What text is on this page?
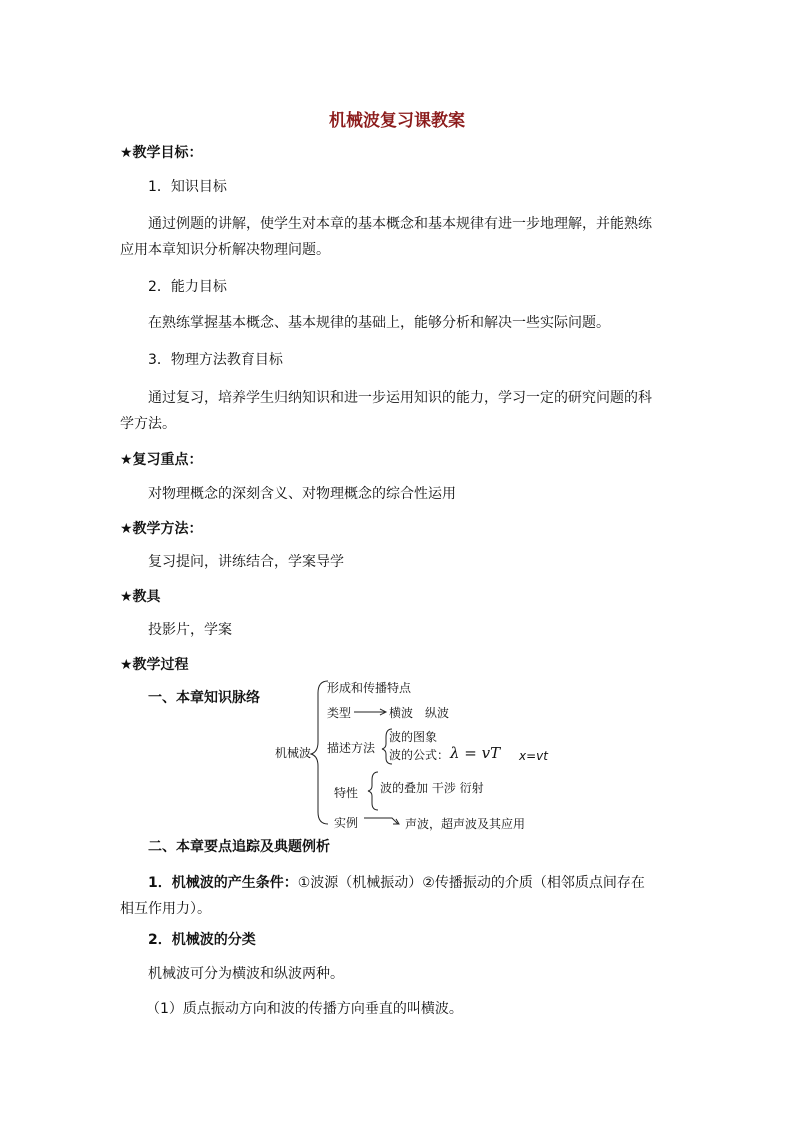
机械波复习课教案
★教学目标：
1．知识目标
通过例题的讲解，使学生对本章的基本概念和基本规律有进一步地理解，并能熟练应用本章知识分析解决物理问题。
2．能力目标
在熟练掌握基本概念、基本规律的基础上，能够分析和解决一些实际问题。
3．物理方法教育目标
通过复习，培养学生归纳知识和进一步运用知识的能力，学习一定的研究问题的科学方法。
★复习重点：
对物理概念的深刻含义、对物理概念的综合性运用
★教学方法：
复习提问，讲练结合，学案导学
★教具
投影片，学案
★教学过程
一、本章知识脉络
机械波
形成和传播特点
类型	横波　纵波
描述方法
波的图象
波的公式： λ = vT x=vt
特性 波的叠加 干涉 衍射
实例	声波，超声波及其应用
二、本章要点追踪及典题例析
1．机械波的产生条件：①波源（机械振动）②传播振动的介质（相邻质点间存在相互作用力）。
2．机械波的分类
机械波可分为横波和纵波两种。
（1）质点振动方向和波的传播方向垂直的叫横波。
